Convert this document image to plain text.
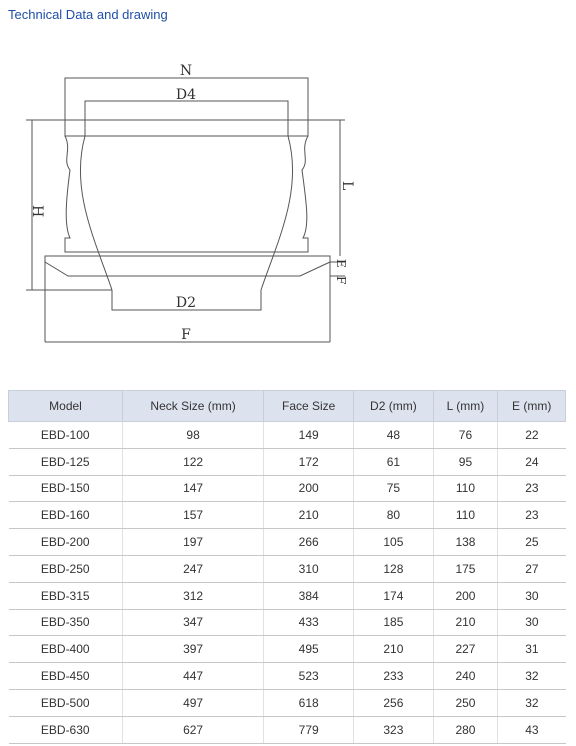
Technical Data and drawing
N
D4
D2
F
H
L
E
F
Model	Neck Size (mm)	Face Size	D2 (mm)	L (mm)	E (mm)
EBD-100	98	149	48	76	22
EBD-125	122	172	61	95	24
EBD-150	147	200	75	110	23
EBD-160	157	210	80	110	23
EBD-200	197	266	105	138	25
EBD-250	247	310	128	175	27
EBD-315	312	384	174	200	30
EBD-350	347	433	185	210	30
EBD-400	397	495	210	227	31
EBD-450	447	523	233	240	32
EBD-500	497	618	256	250	32
EBD-630	627	779	323	280	43
